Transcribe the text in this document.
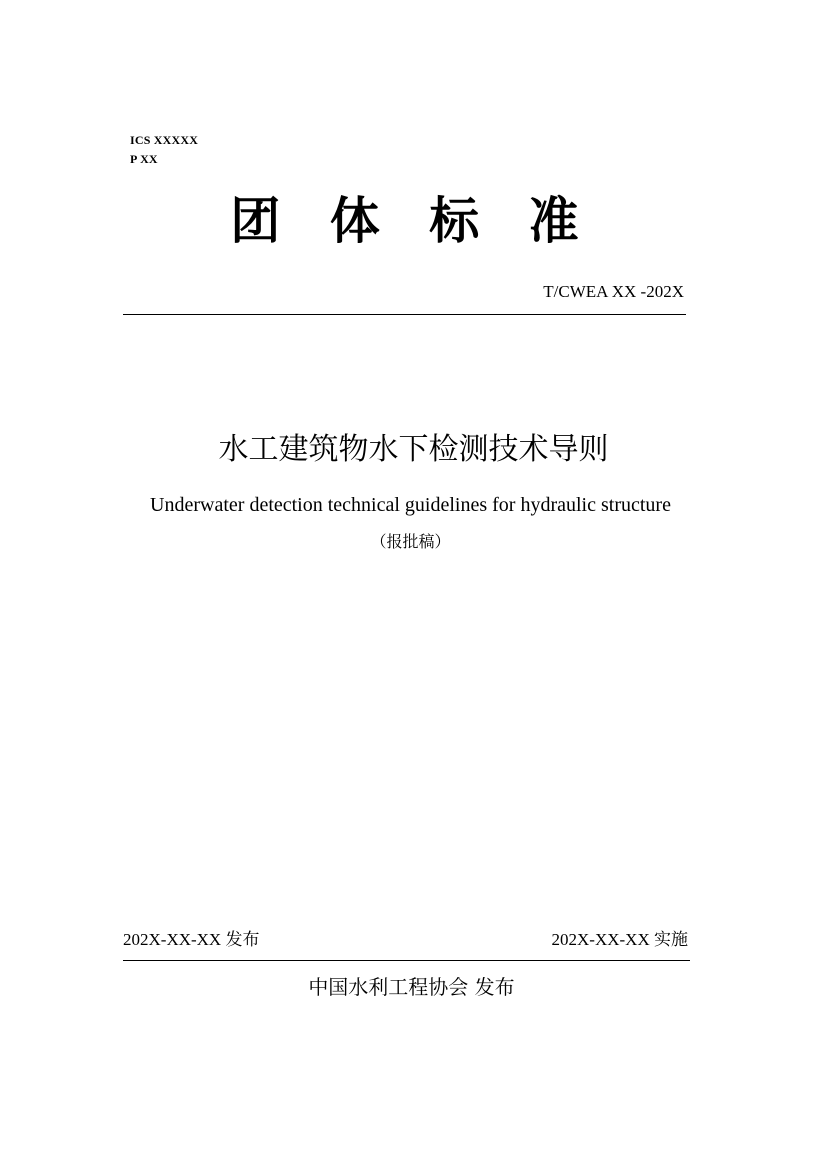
ICS XXXXX
P XX
团 体 标 准
T/CWEA XX -202X
水工建筑物水下检测技术导则
Underwater detection technical guidelines for hydraulic structure
（报批稿）
202X-XX-XX 发布	202X-XX-XX 实施
中国水利工程协会 发布
